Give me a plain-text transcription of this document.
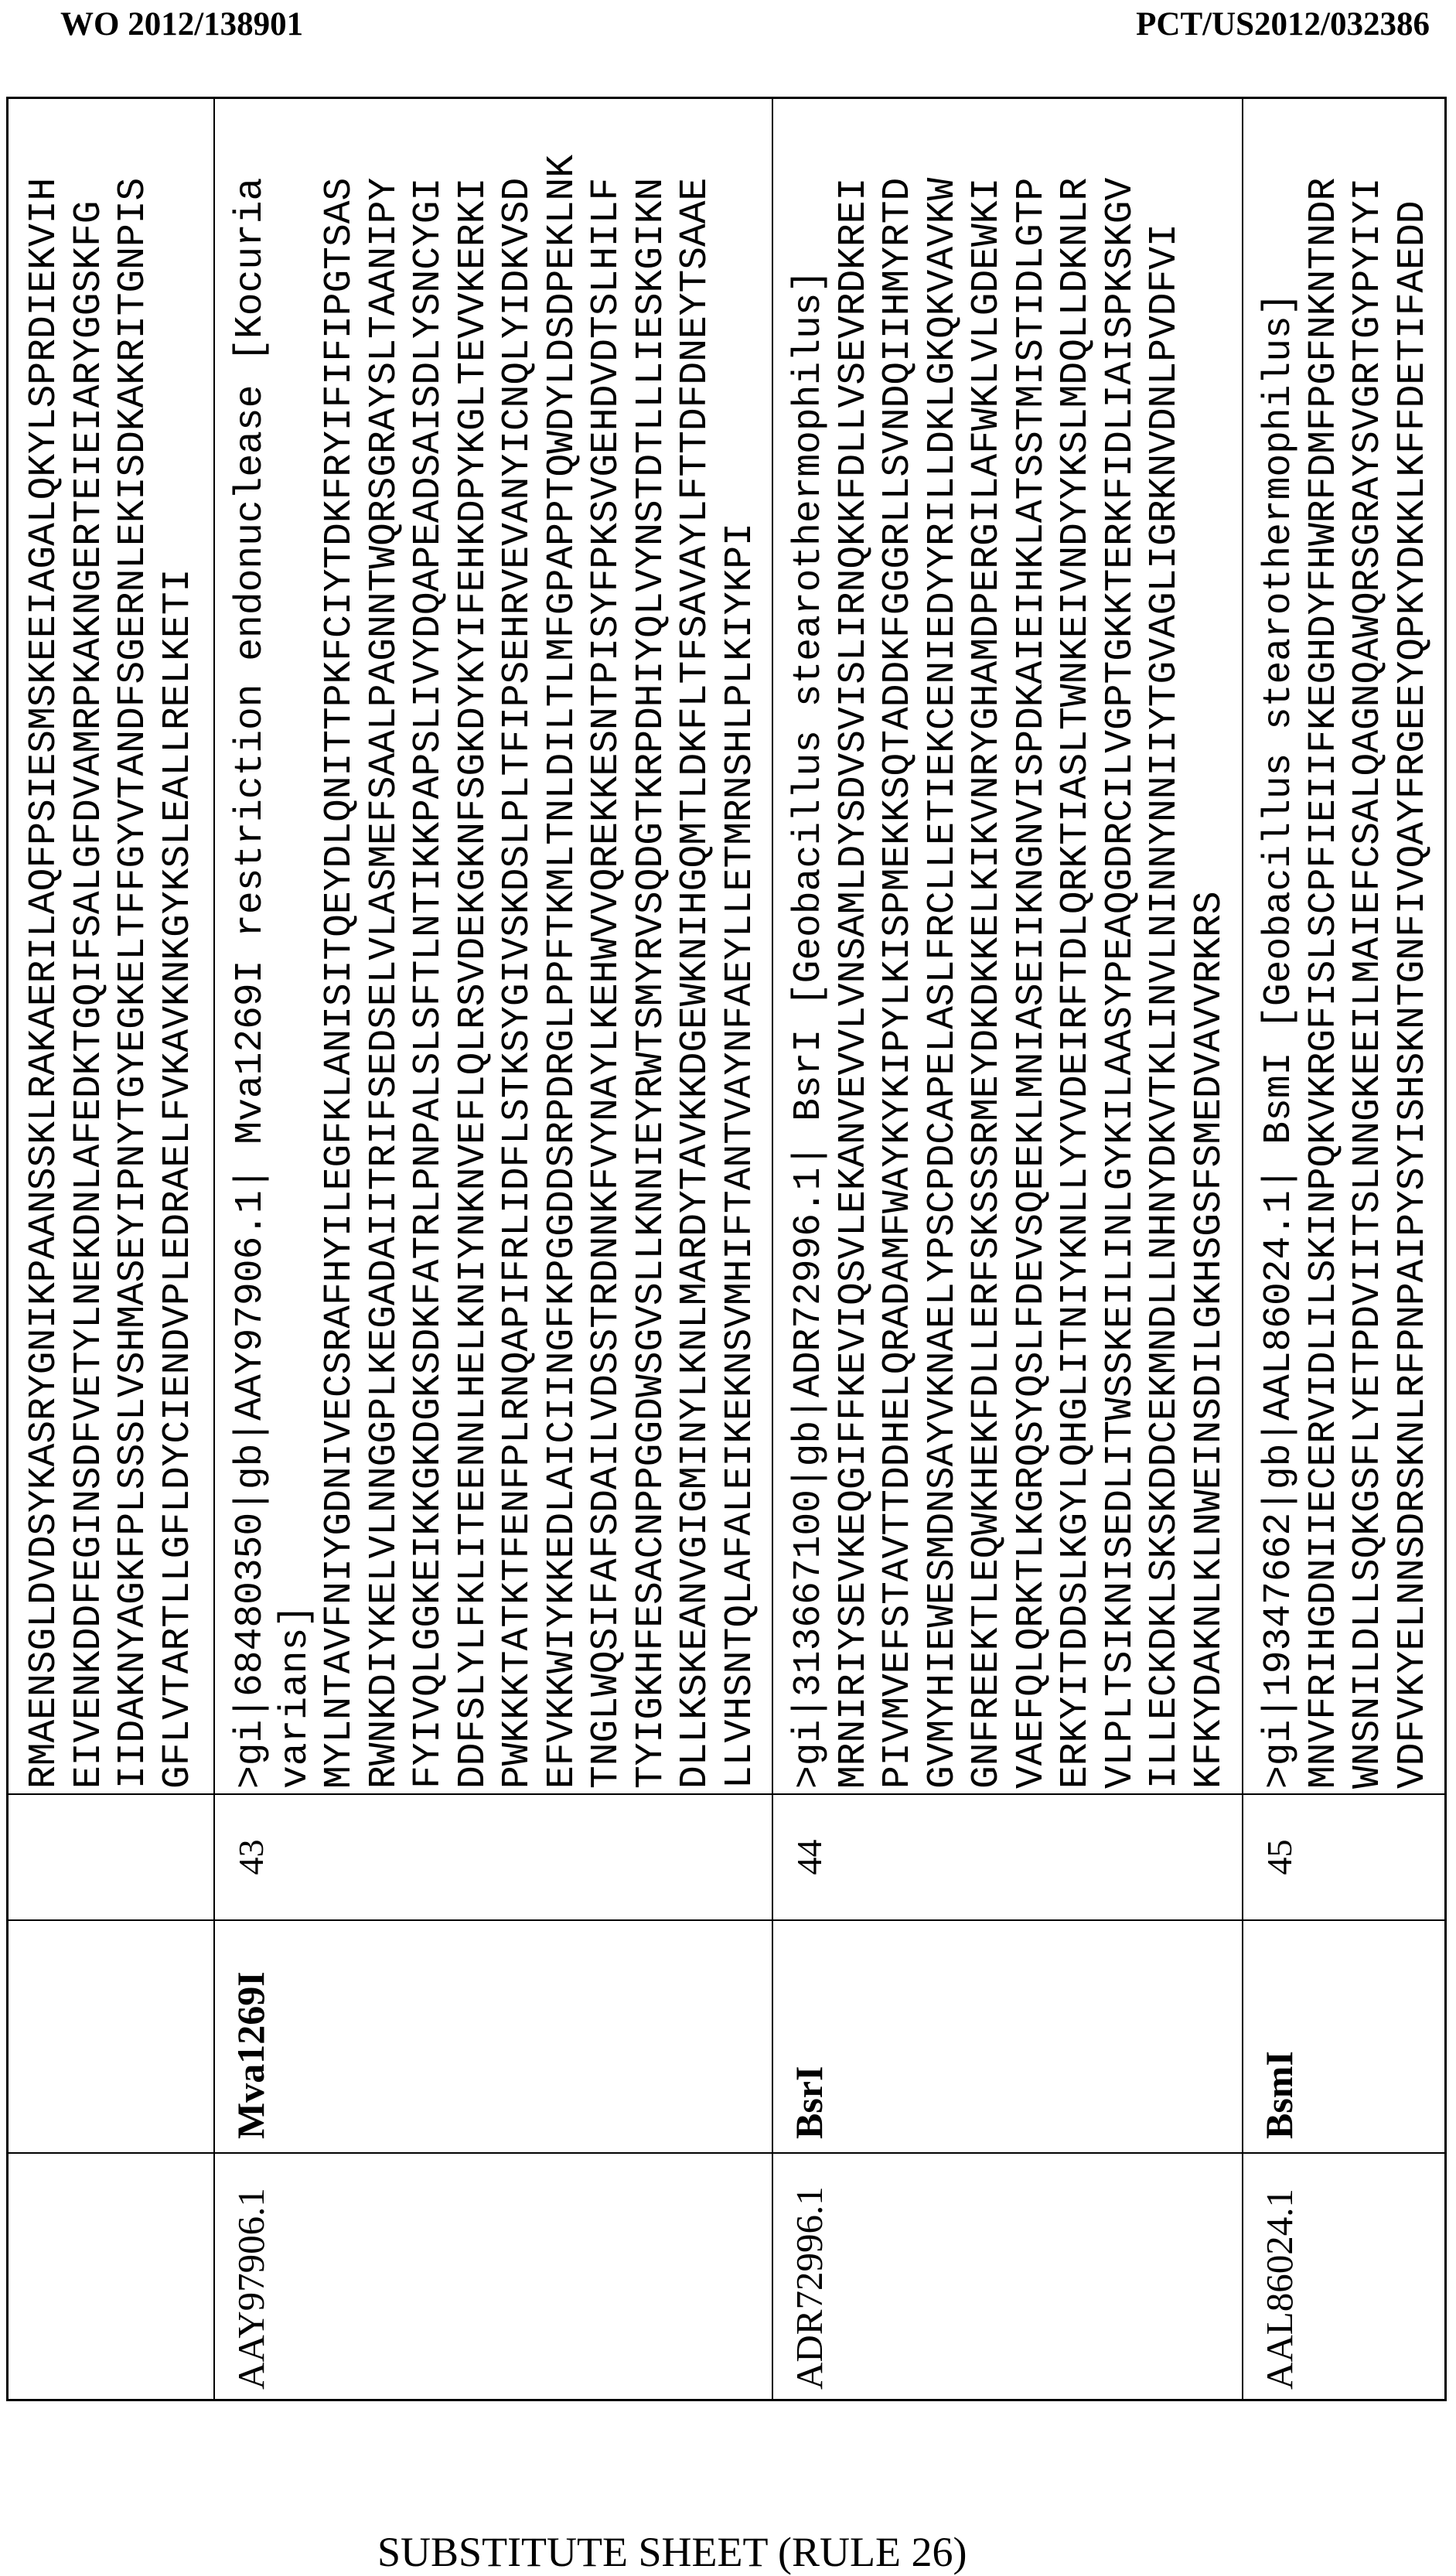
WO 2012/138901	PCT/US2012/032386
RMAENSGLDVDSYKASRYGNIKPAANSSKLRAKAERILAQFPSIESMSKEEIAGALQKYLSPRDIEKVIH
EIVENKDDFEGINSDFVETYLNEKDNLAFEDKTGQIFSALGFDVAMRPKAKNGERTEIEIARYGGSKFG
IIDAKNYAGKFPLSSSLVSHMASEYIPNYTGYEGKELTFFGYVTANDFSGERNLEKISDKAKRITGNPIS
GFLVTARTLLGFLDYCIENDVPLEDRAELFVKAVKNKGYKSLEALLRELKETI
AAY97906.1
Mva1269I
43
>gi|68480350|gb|AAY97906.1| Mva1269I restriction endonuclease [Kocuria
varians]
MYLNTAVFNIYGDNIVECSRAFHYILEGFKLANISITQEYDLQNITTPKFCIYTDKFRYIFIFIPGTSAS
RWNKDIYKELVLNNGGPLKEGADAIITRIFSEDSELVLASMEFSAALPAGNNTWQRSGRAYSLTAANIPY
FYIVQLGGKEIKKGKDGKSDKFATRLPNPALSLSFTLNTIKKPAPSLIVYDQAPEADSAISDLYSNCYGI
DDFSLYLFKLITEENNLHELKNIYNKNVEFLQLRSVDEKGKNFSGKDYKYIFEHKDPYKGLTEVVKERKI
PWKKKTATKTFENFPLRNQAPIFRLIDFLSTKSYGIVSKDSLPLTFIPSEHRVEVANYICNQLYIDKVSD
EFVKKWIYKKEDLAICIINGFKPGGDDSRPDRGLPPFTKMLTNLDILTLMFGPAPPTQWDYLDSDPEKLNK
TNGLWQSIFAFSDAILVDSSTRDNNKFVYNAYLKEHWVVQREKKESNTPISYFPKSVGEHDVDTSLHILF
TYIGKHFESACNPPGGDWSGVSLLKNNIEYRWTSMYRVSQDGTKRPDHIYQLVYNSTDTLLLIESKGIKN
DLLKSKEANVGIGMINYLKNLMARDYTAVKKDGEWKNIHGQMTLDKFLTFSAVAYLFTTDFDNEYTSAAE
LLVHSNTQLAFALEIKEKNSVMHIFTANTVAYNFAEYLLETMRNSHLPLKIYKPI
ADR72996.1
BsrI
44
>gi|313667100|gb|ADR72996.1| BsrI [Geobacillus stearothermophilus]
MRNIRIYSEVKEQGIFFKEVIQSVLEKANVEVVLVNSAMLDYSDVSVISLIRNQKKFDLLVSEVRDKREI
PIVMVEFSTAVTTDDHELQRADAMFWAYKYKIPYLKISPMEKKSQTADDKFGGGRLLSVNDQIIHMYRTD
GVMYHIEWESMDNSAYVKNAELYPSCPDCAPELASLFRCLLETIEKCENIEDYYRILLDKLGKQKVAVKW
GNFREEKTLEQWKHEKFDLLERFSKSSSRMEYDKDKKELKIKVNRYGHAMDPERGILAFWKLVLGDEWKI
VAEFQLQRKTLKGRQSYQSLFDEVSQEEKLMNIASEIIKNGNVISPDKAIEIHKLATSSTMISTIDLGTP
ERKYITDDSLKGYLQHGLITNIYKNLLYYVDEIRFTDLQRKTIASLTWNKEIVNDYYKSLMDQLLDKNLR
VLPLTSIKNISEDLITWSSKEILINLGYKILAASYPEAQGDRCILVGPTGKKTERKFIDLIAISPKSKGV
ILLECKDKLSKSKDDCEKMNDLLNHNYDKVTKLINVLNINNYNNIIYTGVAGLIGRKNVDNLPVDFVI
KFKYDAKNLKLNWEINSDILGKHSGSFSMEDVAVVRKRS
AAL86024.1
BsmI
45
>gi|19347662|gb|AAL86024.1| BsmI [Geobacillus stearothermophilus]
MNVFRIHGDNIIECERVIDLILSKINPQKVKRGFISLSCPFIEIIFKEGHDYFHWRFDMFPGFNKNTNDR
WNSNILDLLSQKGSFLYETPDVIITSLNNGKEEILMAIEFCSALQAGNQAWQRSGRAYSVGRTGYPYIYI
VDFVKYELNNSDRSKNLRFPNPAIPYSYISHSKNTGNFIVQAYFRGEEYQPKYDKKLKFFDETIFAEDD
SUBSTITUTE SHEET (RULE 26)
